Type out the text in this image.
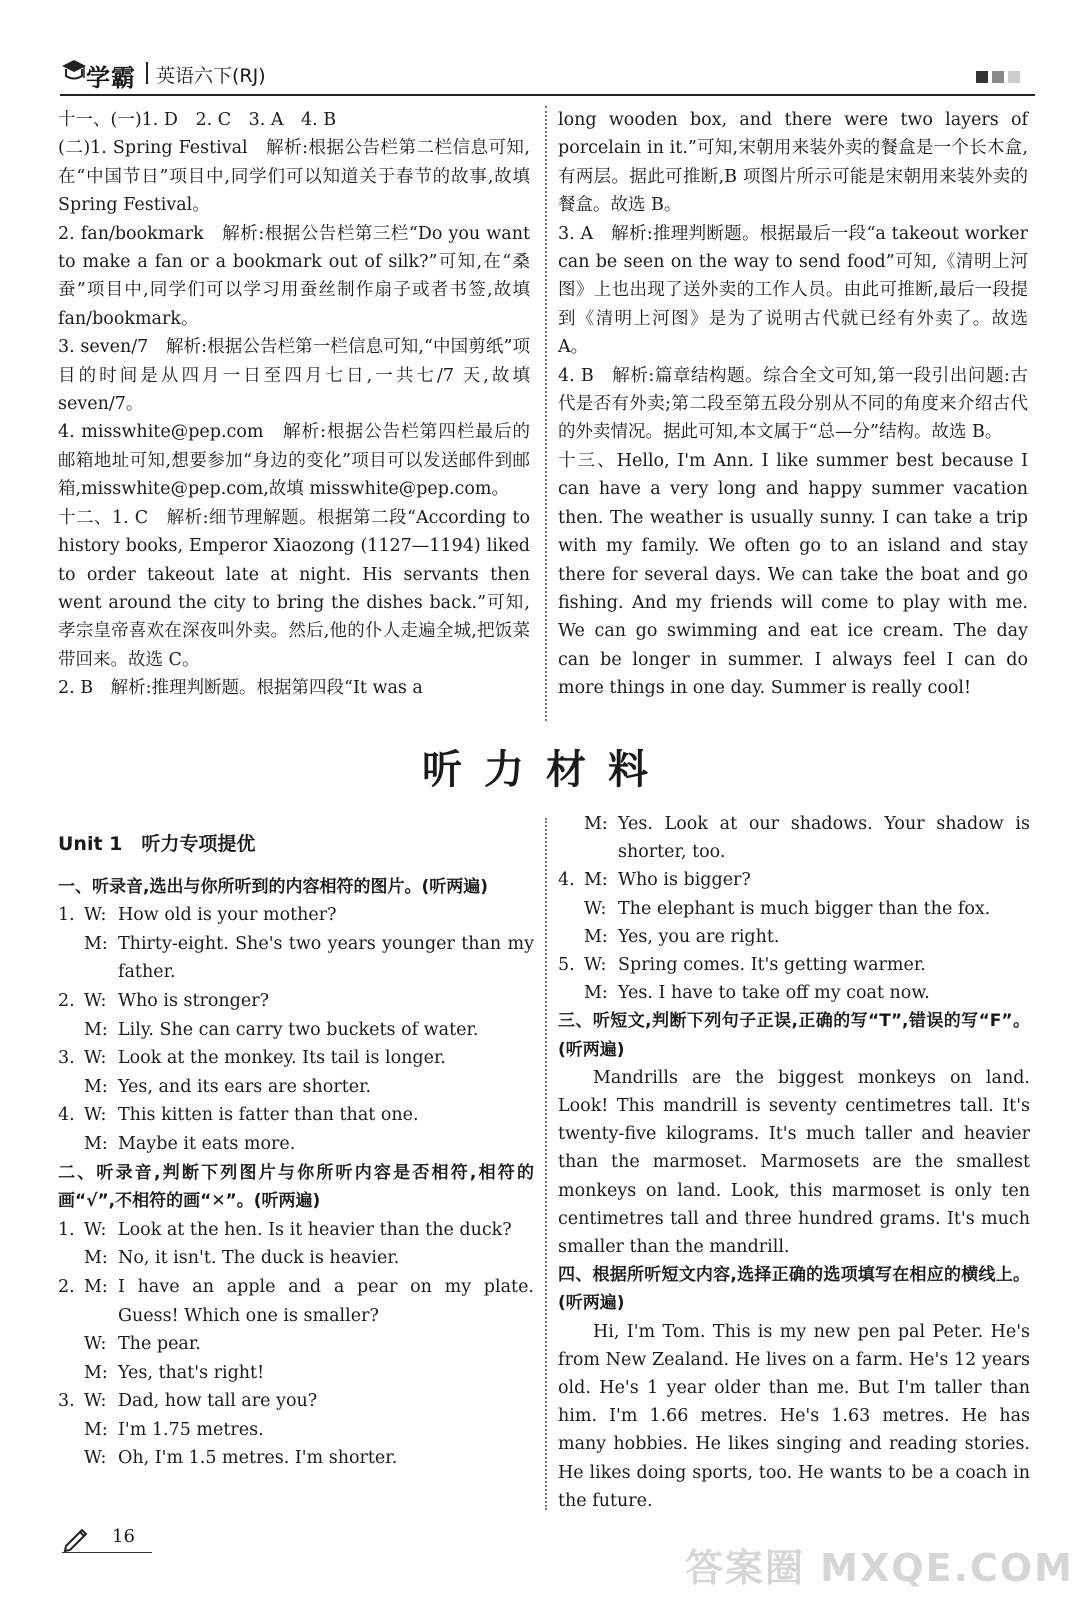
学霸 英语六下(RJ)

十一、(一)1. D　2. C　3. A　4. B

(二)1. Spring Festival　解析:根据公告栏第二栏信息可知,在“中国节日”项目中,同学们可以知道关于春节的故事,故填 Spring Festival。

2. fan/bookmark　解析:根据公告栏第三栏“Do you want to make a fan or a bookmark out of silk?”可知,在“桑蚕”项目中,同学们可以学习用蚕丝制作扇子或者书签,故填 fan/bookmark。

3. seven/7　解析:根据公告栏第一栏信息可知,“中国剪纸”项目的时间是从四月一日至四月七日,一共七/7 天,故填 seven/7。

4. misswhite@pep.com　解析:根据公告栏第四栏最后的邮箱地址可知,想要参加“身边的变化”项目可以发送邮件到邮箱,misswhite@pep.com,故填 misswhite@pep.com。

十二、1. C　解析:细节理解题。根据第二段“According to history books, Emperor Xiaozong (1127—1194) liked to order takeout late at night. His servants then went around the city to bring the dishes back.”可知,孝宗皇帝喜欢在深夜叫外卖。然后,他的仆人走遍全城,把饭菜带回来。故选 C。

2. B　解析:推理判断题。根据第四段“It was a

long wooden box, and there were two layers of porcelain in it.”可知,宋朝用来装外卖的餐盒是一个长木盒,有两层。据此可推断,B 项图片所示可能是宋朝用来装外卖的餐盒。故选 B。

3. A　解析:推理判断题。根据最后一段“a takeout worker can be seen on the way to send food”可知,《清明上河图》上也出现了送外卖的工作人员。由此可推断,最后一段提到《清明上河图》是为了说明古代就已经有外卖了。故选 A。

4. B　解析:篇章结构题。综合全文可知,第一段引出问题:古代是否有外卖;第二段至第五段分别从不同的角度来介绍古代的外卖情况。据此可知,本文属于“总—分”结构。故选 B。

十三、Hello, I'm Ann. I like summer best because I can have a very long and happy summer vacation then. The weather is usually sunny. I can take a trip with my family. We often go to an island and stay there for several days. We can take the boat and go fishing. And my friends will come to play with me. We can go swimming and eat ice cream. The day can be longer in summer. I always feel I can do more things in one day. Summer is really cool!

听力材料

Unit 1　听力专项提优

一、听录音,选出与你所听到的内容相符的图片。(听两遍)

1. W: How old is your mother?
M: Thirty-eight. She's two years younger than my father.
2. W: Who is stronger?
M: Lily. She can carry two buckets of water.
3. W: Look at the monkey. Its tail is longer.
M: Yes, and its ears are shorter.
4. W: This kitten is fatter than that one.
M: Maybe it eats more.

二、听录音,判断下列图片与你所听内容是否相符,相符的画“√”,不相符的画“✕”。(听两遍)

1. W: Look at the hen. Is it heavier than the duck?
M: No, it isn't. The duck is heavier.
2. M: I have an apple and a pear on my plate. Guess! Which one is smaller?
W: The pear.
M: Yes, that's right!
3. W: Dad, how tall are you?
M: I'm 1.75 metres.
W: Oh, I'm 1.5 metres. I'm shorter.
M: Yes. Look at our shadows. Your shadow is shorter, too.
4. M: Who is bigger?
W: The elephant is much bigger than the fox.
M: Yes, you are right.
5. W: Spring comes. It's getting warmer.
M: Yes. I have to take off my coat now.

三、听短文,判断下列句子正误,正确的写“T”,错误的写“F”。(听两遍)

Mandrills are the biggest monkeys on land. Look! This mandrill is seventy centimetres tall. It's twenty-five kilograms. It's much taller and heavier than the marmoset. Marmosets are the smallest monkeys on land. Look, this marmoset is only ten centimetres tall and three hundred grams. It's much smaller than the mandrill.

四、根据所听短文内容,选择正确的选项填写在相应的横线上。(听两遍)

Hi, I'm Tom. This is my new pen pal Peter. He's from New Zealand. He lives on a farm. He's 12 years old. He's 1 year older than me. But I'm taller than him. I'm 1.66 metres. He's 1.63 metres. He has many hobbies. He likes singing and reading stories. He likes doing sports, too. He wants to be a coach in the future.

16
答案圈 MXQE.COM
